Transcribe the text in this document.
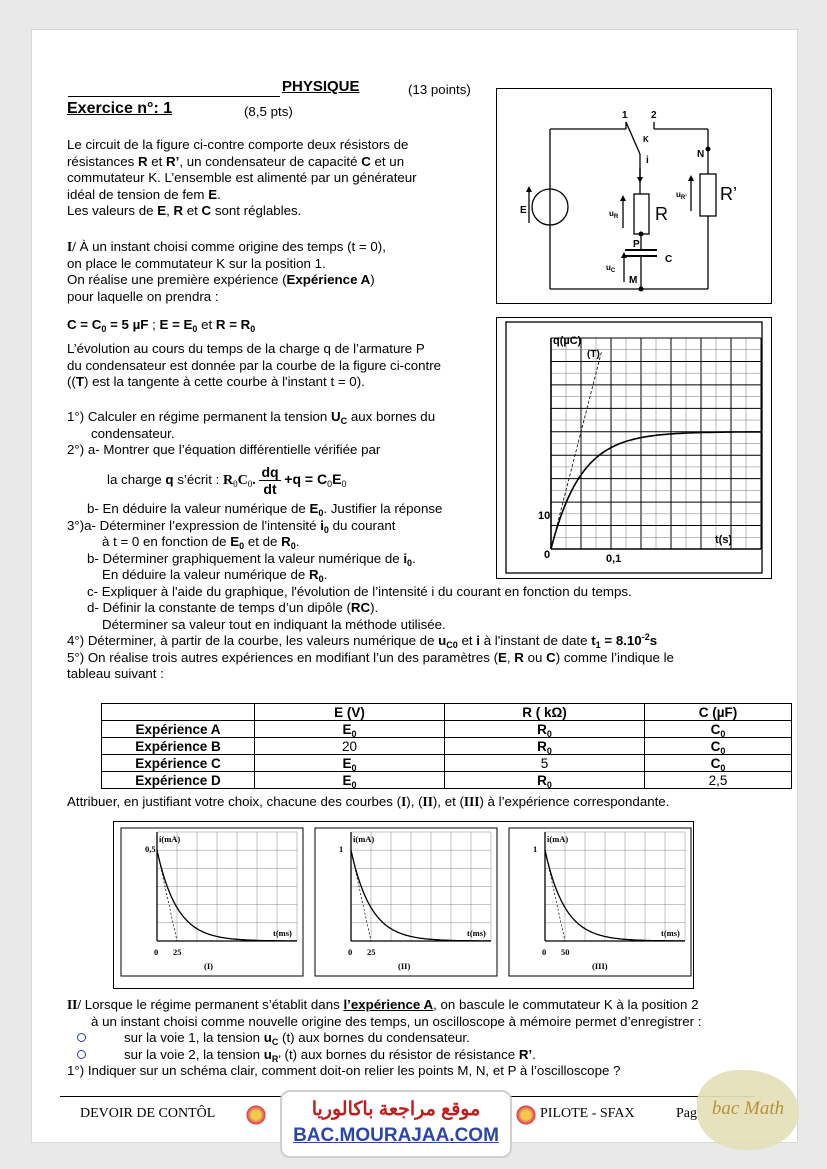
PHYSIQUE	(13 points)
Exercice n°: 1	(8,5 pts)
Le circuit de la figure ci-contre comporte deux résistors de
résistances R et R’, un condensateur de capacité C et un
commutateur K. L’ensemble est alimenté par un générateur
idéal de tension de fem E.
Les valeurs de E, R et C sont réglables.
I/ À un instant choisi comme origine des temps (t = 0),
on place le commutateur K sur la position 1.
On réalise une première expérience (Expérience A)
pour laquelle on prendra :
$C = C_0 = 5$ µF ; $E = E_0$ et $R = R_0$
L’évolution au cours du temps de la charge q de l’armature P
du condensateur est donnée par la courbe de la figure ci-contre
((T) est la tangente à cette courbe à l'instant t = 0).
1°) Calculer en régime permanent la tension $U_C$ aux bornes du
condensateur.
2°) a- Montrer que l’équation différentielle vérifiée par
la charge q s’écrit : $R_0C_0$. $\frac{dq}{dt} +q = C_0E_0$
b- En déduire la valeur numérique de $E_0$. Justifier la réponse
3°)a- Déterminer l’expression de l'intensité $i_0$ du courant
à t = 0 en fonction de $E_0$ et de $R_0$.
b- Déterminer graphiquement la valeur numérique de $i_0$.
En déduire la valeur numérique de $R_0$.
c- Expliquer à l'aide du graphique, l'évolution de l’intensité i du courant en fonction du temps.
d- Définir la constante de temps d’un dipôle (RC).
Déterminer sa valeur tout en indiquant la méthode utilisée.
4°) Déterminer, à partir de la courbe, les valeurs numérique de $u_{C0}$ et i à l'instant de date $t_1 = 8.10^{-2}s$
5°) On réalise trois autres expériences en modifiant l’un des paramètres (E, R ou C) comme l’indique le
tableau suivant :
	E (V)	R ( kΩ)	C (µF)
Expérience A	$E_0$	$R_0$	$C_0$
Expérience B	20	$R_0$	$C_0$
Expérience C	$E_0$	5	$C_0$
Expérience D	$E_0$	$R_0$	2,5
Attribuer, en justifiant votre choix, chacune des courbes (I), (II), et (III) à l’expérience correspondante.
1 2
K
i
N
E	$u_R$ R
$u_{R’}$ R’
P
$u_C$
C
M
q(µC)
(T)
10
0	0,1
t(s)
i(mA)
0,5
0 25
t(ms)
(I)
i(mA)
1
0 25
t(ms)
(II)
i(mA)
1
0 50
t(ms)
(III)
II/ Lorsque le régime permanent s’établit dans l’expérience A, on bascule le commutateur K à la position 2
à un instant choisi comme nouvelle origine des temps, un oscilloscope à mémoire permet d’enregistrer :
sur la voie 1, la tension $u_C$ (t) aux bornes du condensateur.
sur la voie 2, la tension $u_{R’}$ (t) aux bornes du résistor de résistance R’.
1°) Indiquer sur un schéma clair, comment doit-on relier les points M, N, et P à l’oscilloscope ?
DEVOIR DE CONTÔL	PILOTE - SFAX	Pag
موقع مراجعة باكالوريا
BAC.MOURAJAA.COM
bac Math
